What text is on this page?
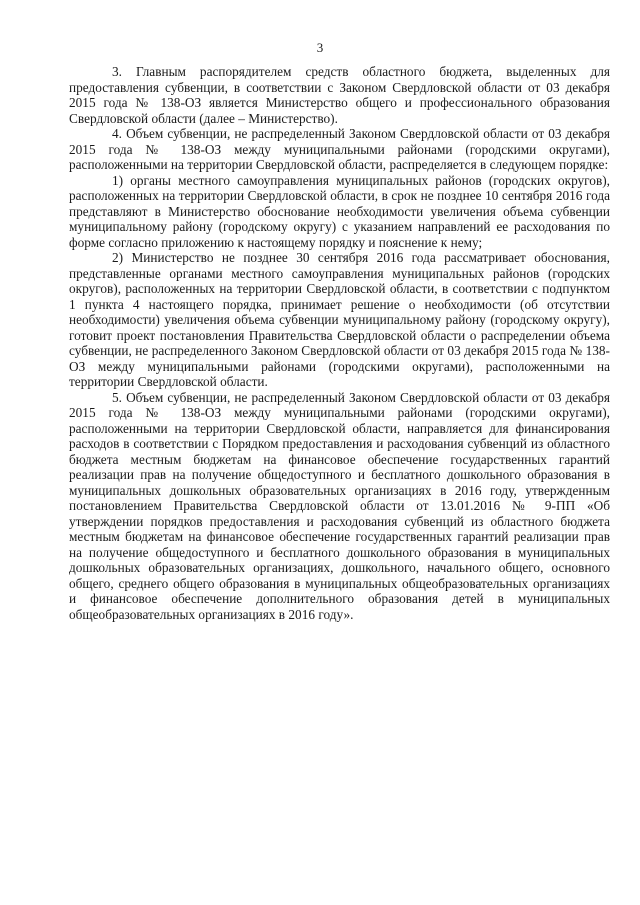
3

3. Главным распорядителем средств областного бюджета, выделенных для предоставления субвенции, в соответствии с Законом Свердловской области от 03 декабря 2015 года № 138-ОЗ является Министерство общего и профессионального образования Свердловской области (далее – Министерство).

4. Объем субвенции, не распределенный Законом Свердловской области от 03 декабря 2015 года № 138-ОЗ между муниципальными районами (городскими округами), расположенными на территории Свердловской области, распределяется в следующем порядке:

1) органы местного самоуправления муниципальных районов (городских округов), расположенных на территории Свердловской области, в срок не позднее 10 сентября 2016 года представляют в Министерство обоснование необходимости увеличения объема субвенции муниципальному району (городскому округу) с указанием направлений ее расходования по форме согласно приложению к настоящему порядку и пояснение к нему;

2) Министерство не позднее 30 сентября 2016 года рассматривает обоснования, представленные органами местного самоуправления муниципальных районов (городских округов), расположенных на территории Свердловской области, в соответствии с подпунктом 1 пункта 4 настоящего порядка, принимает решение о необходимости (об отсутствии необходимости) увеличения объема субвенции муниципальному району (городскому округу), готовит проект постановления Правительства Свердловской области о распределении объема субвенции, не распределенного Законом Свердловской области от 03 декабря 2015 года № 138-ОЗ между муниципальными районами (городскими округами), расположенными на территории Свердловской области.

5. Объем субвенции, не распределенный Законом Свердловской области от 03 декабря 2015 года № 138-ОЗ между муниципальными районами (городскими округами), расположенными на территории Свердловской области, направляется для финансирования расходов в соответствии с Порядком предоставления и расходования субвенций из областного бюджета местным бюджетам на финансовое обеспечение государственных гарантий реализации прав на получение общедоступного и бесплатного дошкольного образования в муниципальных дошкольных образовательных организациях в 2016 году, утвержденным постановлением Правительства Свердловской области от 13.01.2016 № 9-ПП «Об утверждении порядков предоставления и расходования субвенций из областного бюджета местным бюджетам на финансовое обеспечение государственных гарантий реализации прав на получение общедоступного и бесплатного дошкольного образования в муниципальных дошкольных образовательных организациях, дошкольного, начального общего, основного общего, среднего общего образования в муниципальных общеобразовательных организациях и финансовое обеспечение дополнительного образования детей в муниципальных общеобразовательных организациях в 2016 году».
